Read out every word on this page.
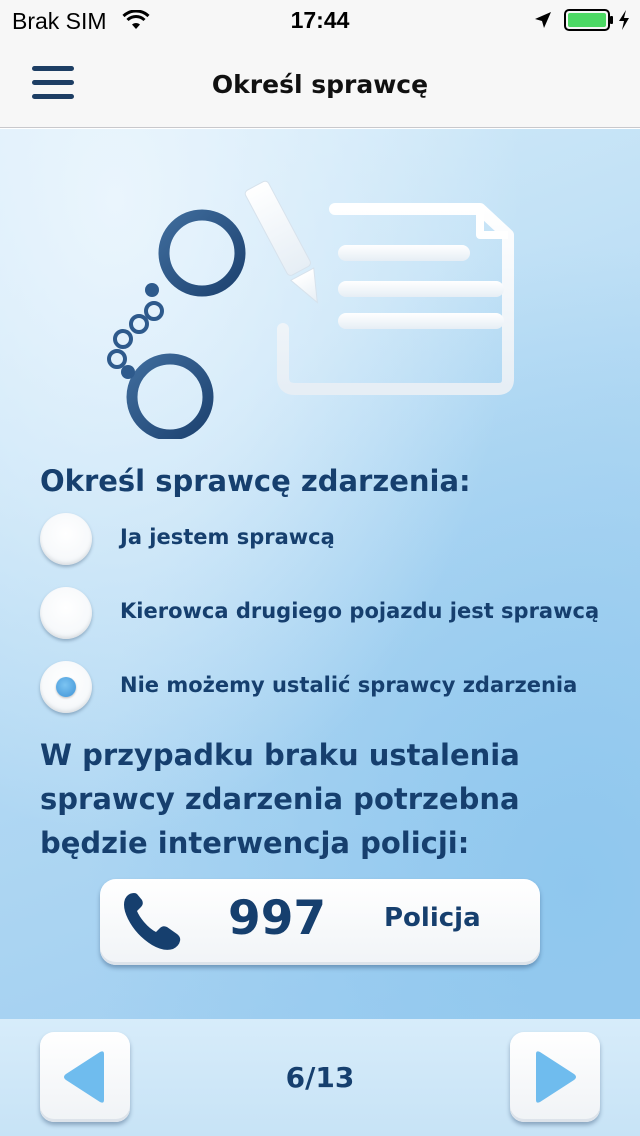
Brak SIM	17:44
Określ sprawcę
Określ sprawcę zdarzenia:
Ja jestem sprawcą
Kierowca drugiego pojazdu jest sprawcą
Nie możemy ustalić sprawcy zdarzenia
W przypadku braku ustalenia sprawcy zdarzenia potrzebna będzie interwencja policji:
997 Policja
6/13
